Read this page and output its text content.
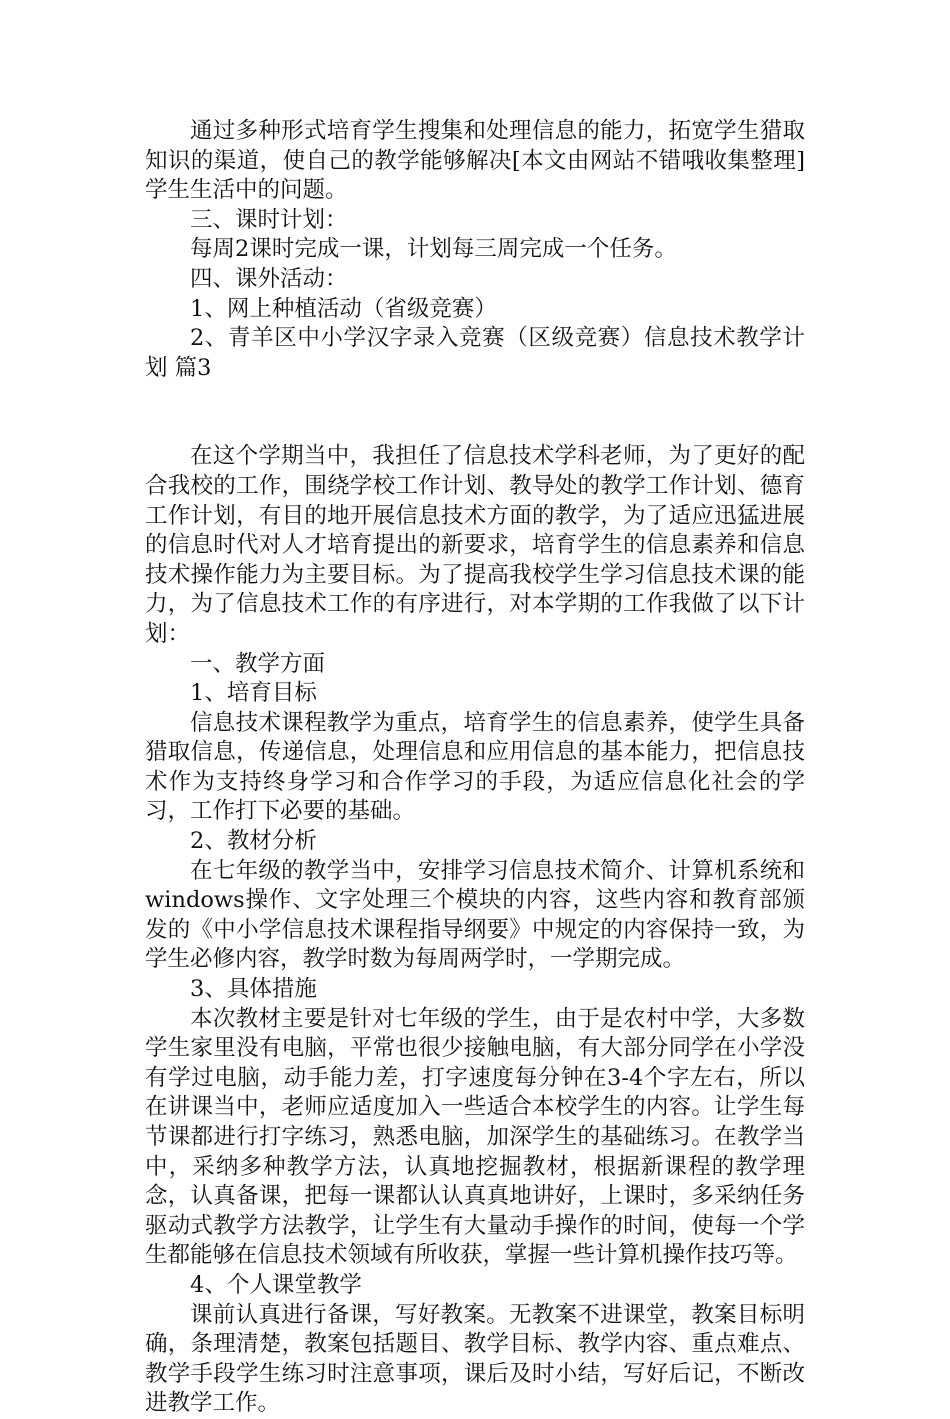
通过多种形式培育学生搜集和处理信息的能力，拓宽学生猎取知识的渠道，使自己的教学能够解决[本文由网站不错哦收集整理]学生生活中的问题。

三、课时计划：

每周2课时完成一课，计划每三周完成一个任务。

四、课外活动：

1、网上种植活动（省级竞赛）

2、青羊区中小学汉字录入竞赛（区级竞赛）信息技术教学计划 篇3

在这个学期当中，我担任了信息技术学科老师，为了更好的配合我校的工作，围绕学校工作计划、教导处的教学工作计划、德育工作计划，有目的地开展信息技术方面的教学，为了适应迅猛进展的信息时代对人才培育提出的新要求，培育学生的信息素养和信息技术操作能力为主要目标。为了提高我校学生学习信息技术课的能力，为了信息技术工作的有序进行，对本学期的工作我做了以下计划：

一、教学方面

1、培育目标

信息技术课程教学为重点，培育学生的信息素养，使学生具备猎取信息，传递信息，处理信息和应用信息的基本能力，把信息技术作为支持终身学习和合作学习的手段，为适应信息化社会的学习，工作打下必要的基础。

2、教材分析

在七年级的教学当中，安排学习信息技术简介、计算机系统和windows操作、文字处理三个模块的内容，这些内容和教育部颁发的《中小学信息技术课程指导纲要》中规定的内容保持一致，为学生必修内容，教学时数为每周两学时，一学期完成。

3、具体措施

本次教材主要是针对七年级的学生，由于是农村中学，大多数学生家里没有电脑，平常也很少接触电脑，有大部分同学在小学没有学过电脑，动手能力差，打字速度每分钟在3-4个字左右，所以在讲课当中，老师应适度加入一些适合本校学生的内容。让学生每节课都进行打字练习，熟悉电脑，加深学生的基础练习。在教学当中，采纳多种教学方法，认真地挖掘教材，根据新课程的教学理念，认真备课，把每一课都认认真真地讲好，上课时，多采纳任务驱动式教学方法教学，让学生有大量动手操作的时间，使每一个学生都能够在信息技术领域有所收获，掌握一些计算机操作技巧等。

4、个人课堂教学

课前认真进行备课，写好教案。无教案不进课堂，教案目标明确，条理清楚，教案包括题目、教学目标、教学内容、重点难点、教学手段学生练习时注意事项，课后及时小结，写好后记，不断改进教学工作。
